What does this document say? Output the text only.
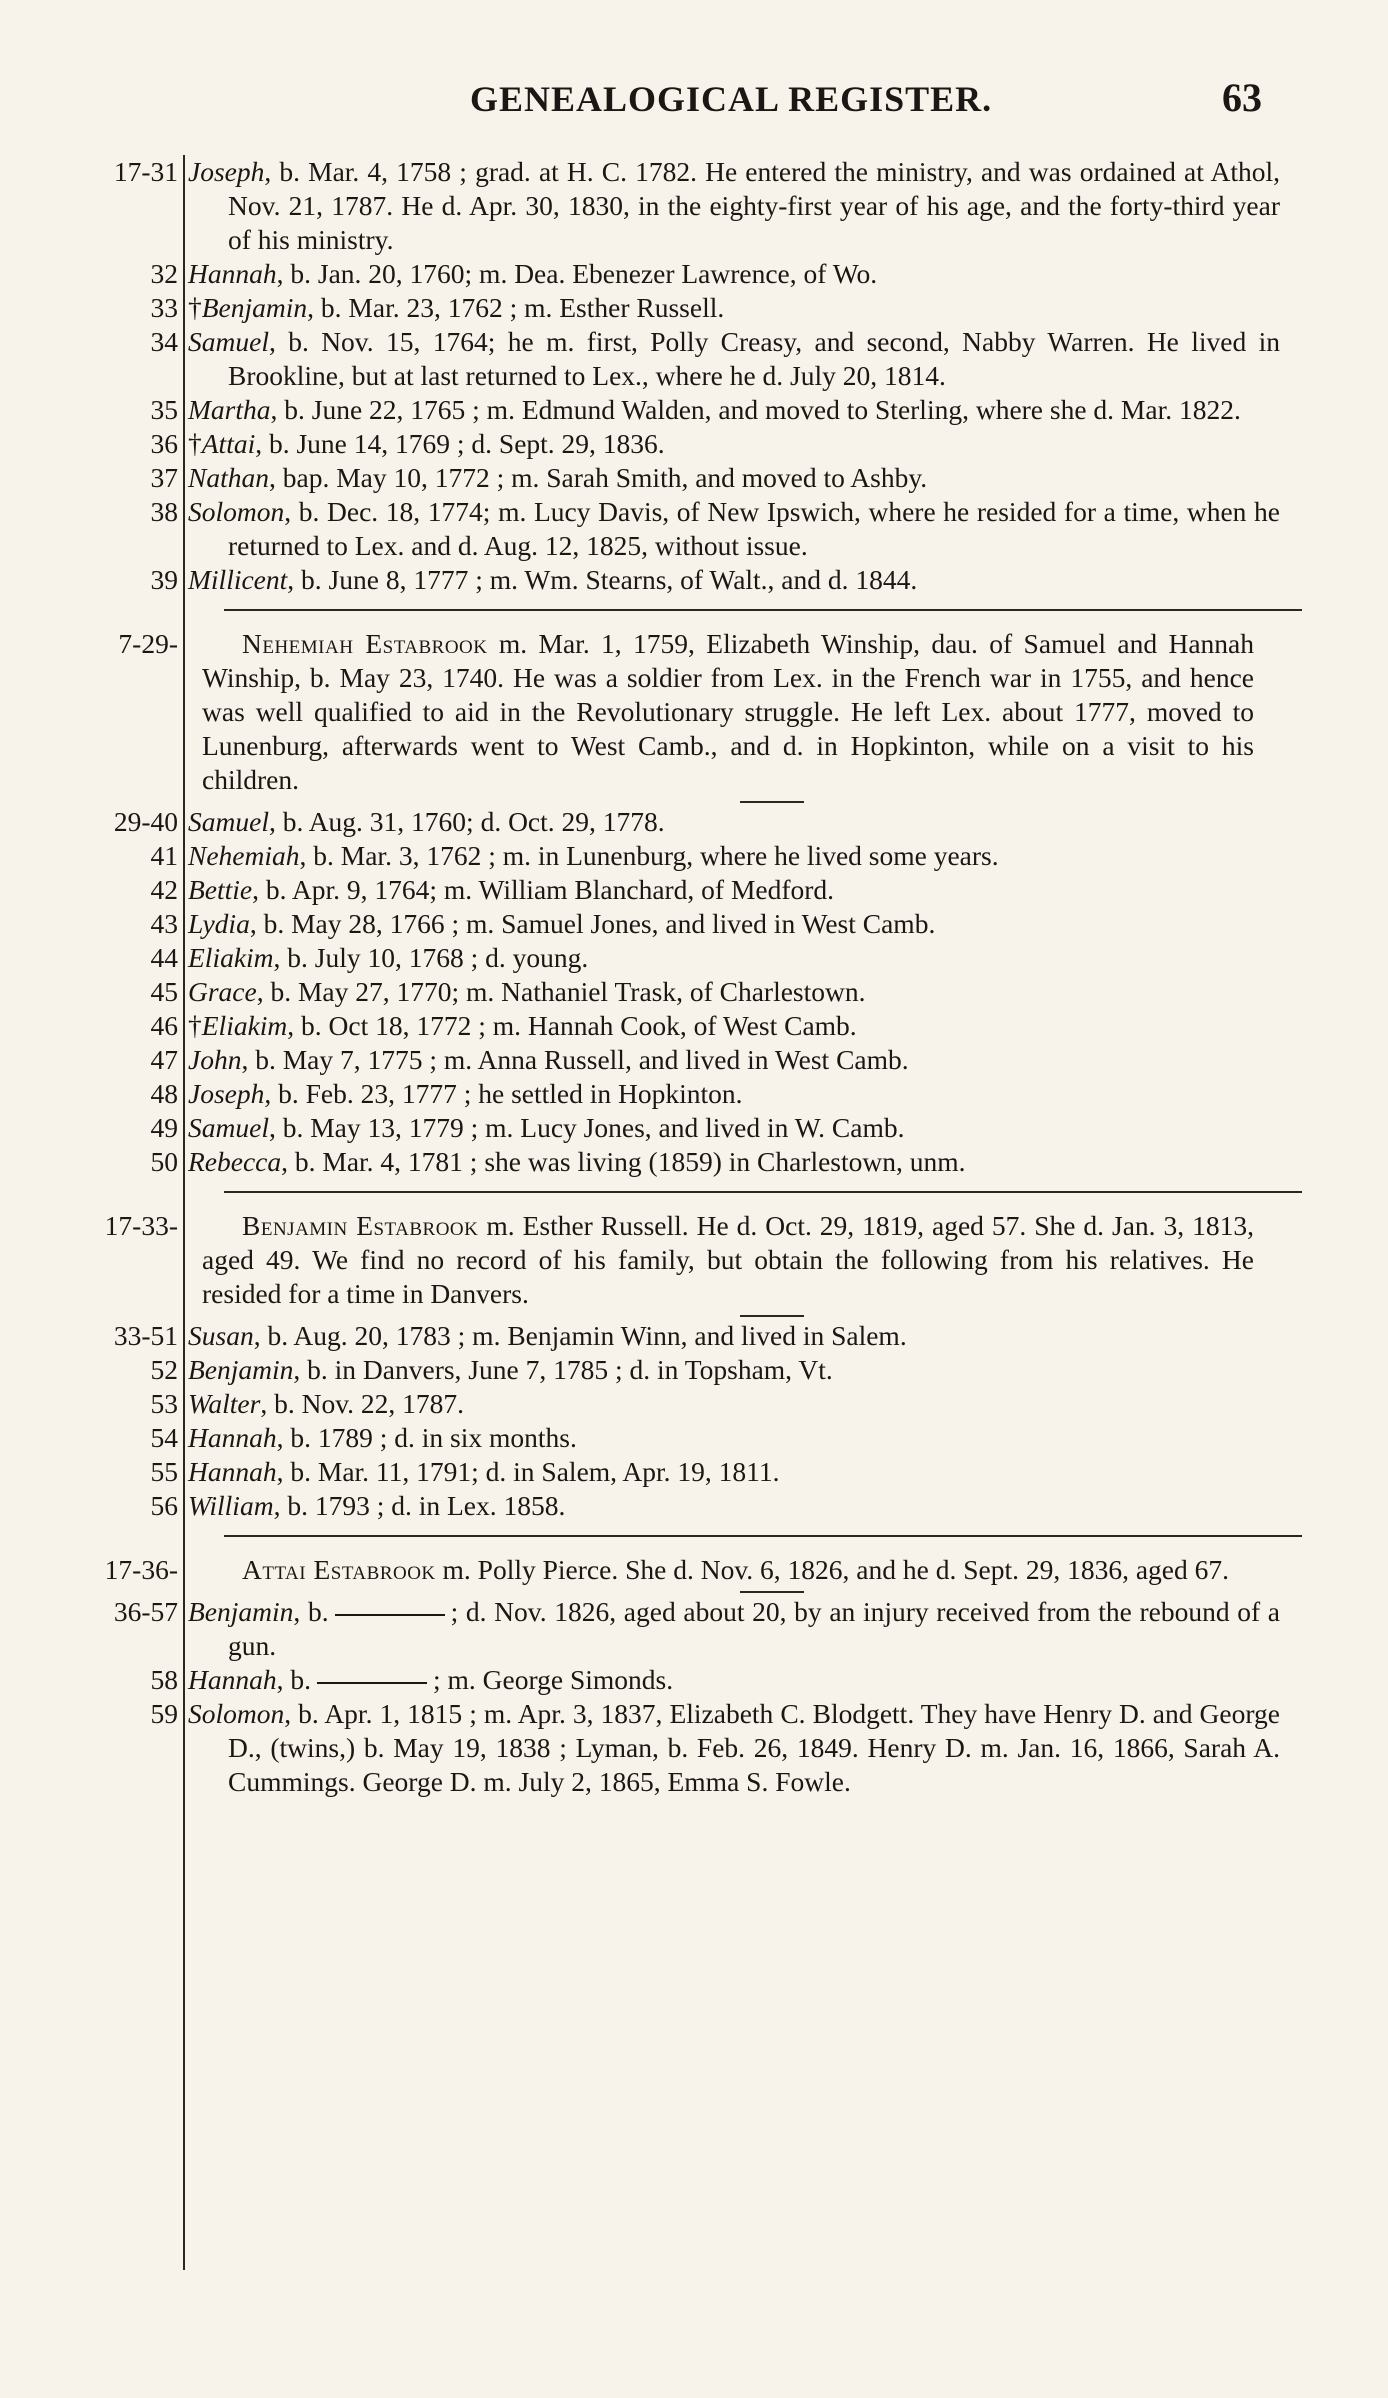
GENEALOGICAL REGISTER.	63
17-31 Joseph, b. Mar. 4, 1758 ; grad. at H. C. 1782. He entered the ministry, and was ordained at Athol, Nov. 21, 1787. He d. Apr. 30, 1830, in the eighty-first year of his age, and the forty-third year of his ministry.
32 Hannah, b. Jan. 20, 1760; m. Dea. Ebenezer Lawrence, of Wo.
33 †Benjamin, b. Mar. 23, 1762 ; m. Esther Russell.
34 Samuel, b. Nov. 15, 1764; he m. first, Polly Creasy, and second, Nabby Warren. He lived in Brookline, but at last returned to Lex., where he d. July 20, 1814.
35 Martha, b. June 22, 1765 ; m. Edmund Walden, and moved to Sterling, where she d. Mar. 1822.
36 †Attai, b. June 14, 1769 ; d. Sept. 29, 1836.
37 Nathan, bap. May 10, 1772 ; m. Sarah Smith, and moved to Ashby.
38 Solomon, b. Dec. 18, 1774; m. Lucy Davis, of New Ipswich, where he resided for a time, when he returned to Lex. and d. Aug. 12, 1825, without issue.
39 Millicent, b. June 8, 1777 ; m. Wm. Stearns, of Walt., and d. 1844.
7-29-	Nehemiah Estabrook m. Mar. 1, 1759, Elizabeth Winship, dau. of Samuel and Hannah Winship, b. May 23, 1740. He was a soldier from Lex. in the French war in 1755, and hence was well qualified to aid in the Revolutionary struggle. He left Lex. about 1777, moved to Lunenburg, afterwards went to West Camb., and d. in Hopkinton, while on a visit to his children.
29-40 Samuel, b. Aug. 31, 1760; d. Oct. 29, 1778.
41 Nehemiah, b. Mar. 3, 1762 ; m. in Lunenburg, where he lived some years.
42 Bettie, b. Apr. 9, 1764; m. William Blanchard, of Medford.
43 Lydia, b. May 28, 1766 ; m. Samuel Jones, and lived in West Camb.
44 Eliakim, b. July 10, 1768 ; d. young.
45 Grace, b. May 27, 1770; m. Nathaniel Trask, of Charlestown.
46 †Eliakim, b. Oct 18, 1772 ; m. Hannah Cook, of West Camb.
47 John, b. May 7, 1775 ; m. Anna Russell, and lived in West Camb.
48 Joseph, b. Feb. 23, 1777 ; he settled in Hopkinton.
49 Samuel, b. May 13, 1779 ; m. Lucy Jones, and lived in W. Camb.
50 Rebecca, b. Mar. 4, 1781 ; she was living (1859) in Charlestown, unm.
17-33-	Benjamin Estabrook m. Esther Russell. He d. Oct. 29, 1819, aged 57. She d. Jan. 3, 1813, aged 49. We find no record of his family, but obtain the following from his relatives. He resided for a time in Danvers.
33-51 Susan, b. Aug. 20, 1783 ; m. Benjamin Winn, and lived in Salem.
52 Benjamin, b. in Danvers, June 7, 1785 ; d. in Topsham, Vt.
53 Walter, b. Nov. 22, 1787.
54 Hannah, b. 1789 ; d. in six months.
55 Hannah, b. Mar. 11, 1791; d. in Salem, Apr. 19, 1811.
56 William, b. 1793 ; d. in Lex. 1858.
17-36-	Attai Estabrook m. Polly Pierce. She d. Nov. 6, 1826, and he d. Sept. 29, 1836, aged 67.
36-57 Benjamin, b.	; d. Nov. 1826, aged about 20, by an injury received from the rebound of a gun.
58 Hannah, b.	; m. George Simonds.
59 Solomon, b. Apr. 1, 1815 ; m. Apr. 3, 1837, Elizabeth C. Blodgett. They have Henry D. and George D., (twins,) b. May 19, 1838 ; Lyman, b. Feb. 26, 1849. Henry D. m. Jan. 16, 1866, Sarah A. Cummings. George D. m. July 2, 1865, Emma S. Fowle.
